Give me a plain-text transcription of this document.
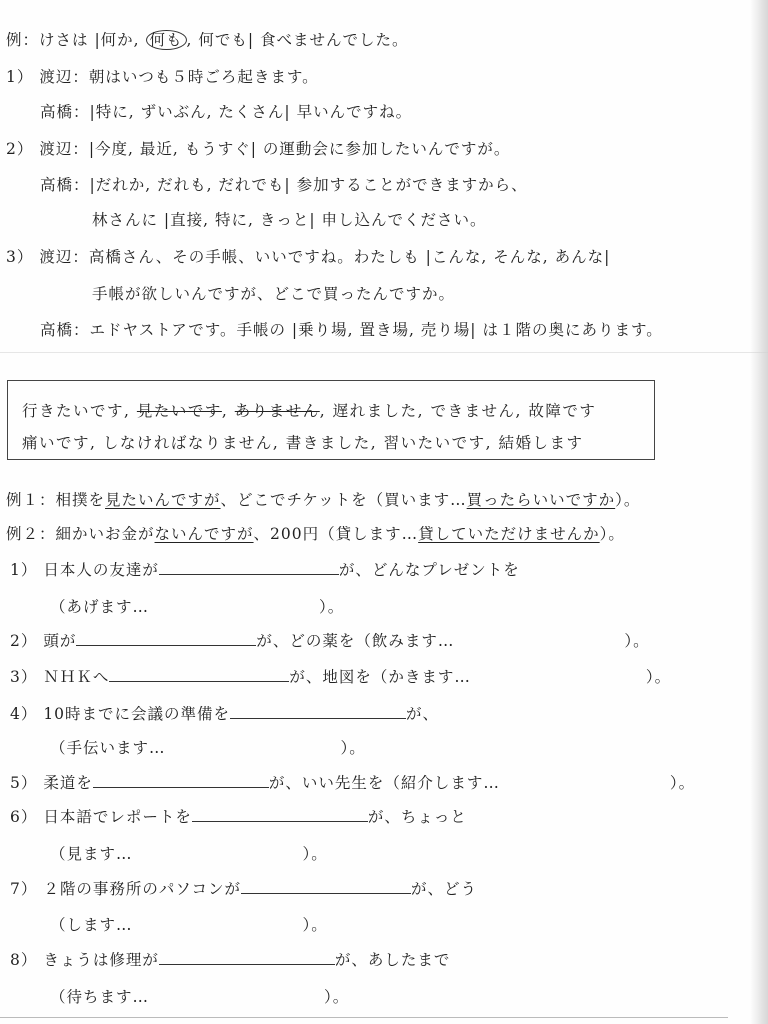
例：けさは |何か, 何も , 何でも| 食べませんでした。
1） 渡辺：朝はいつも５時ごろ起きます。
高橋：|特に, ずいぶん, たくさん| 早いんですね。
2） 渡辺：|今度, 最近, もうすぐ| の運動会に参加したいんですが。
高橋：|だれか, だれも, だれでも| 参加することができますから、
林さんに |直接, 特に, きっと| 申し込んでください。
3） 渡辺：高橋さん、その手帳、いいですね。わたしも |こんな, そんな, あんな|
手帳が欲しいんですが、どこで買ったんですか。
高橋：エドヤストアです。手帳の |乗り場, 置き場, 売り場| は１階の奥にあります。
行きたいです, 見たいです, ありません, 遅れました, できません, 故障です
痛いです, しなければなりません, 書きました, 習いたいです, 結婚します
例１：相撲を見たいんですが、どこでチケットを（買います…買ったらいいですか）。
例２：細かいお金がないんですが、200円（貸します…貸していただけませんか）。
1） 日本人の友達が	が、どんなプレゼントを
（あげます…	）。
2） 頭が	が、どの薬を（飲みます…	）。
3） ＮＨＫへ	が、地図を（かきます…	）。
4） 10時までに会議の準備を	が、
（手伝います…	）。
5） 柔道を	が、いい先生を（紹介します…	）。
6） 日本語でレポートを	が、ちょっと
（見ます…	）。
7） ２階の事務所のパソコンが	が、どう
（します…	）。
8） きょうは修理が	が、あしたまで
（待ちます…	）。
